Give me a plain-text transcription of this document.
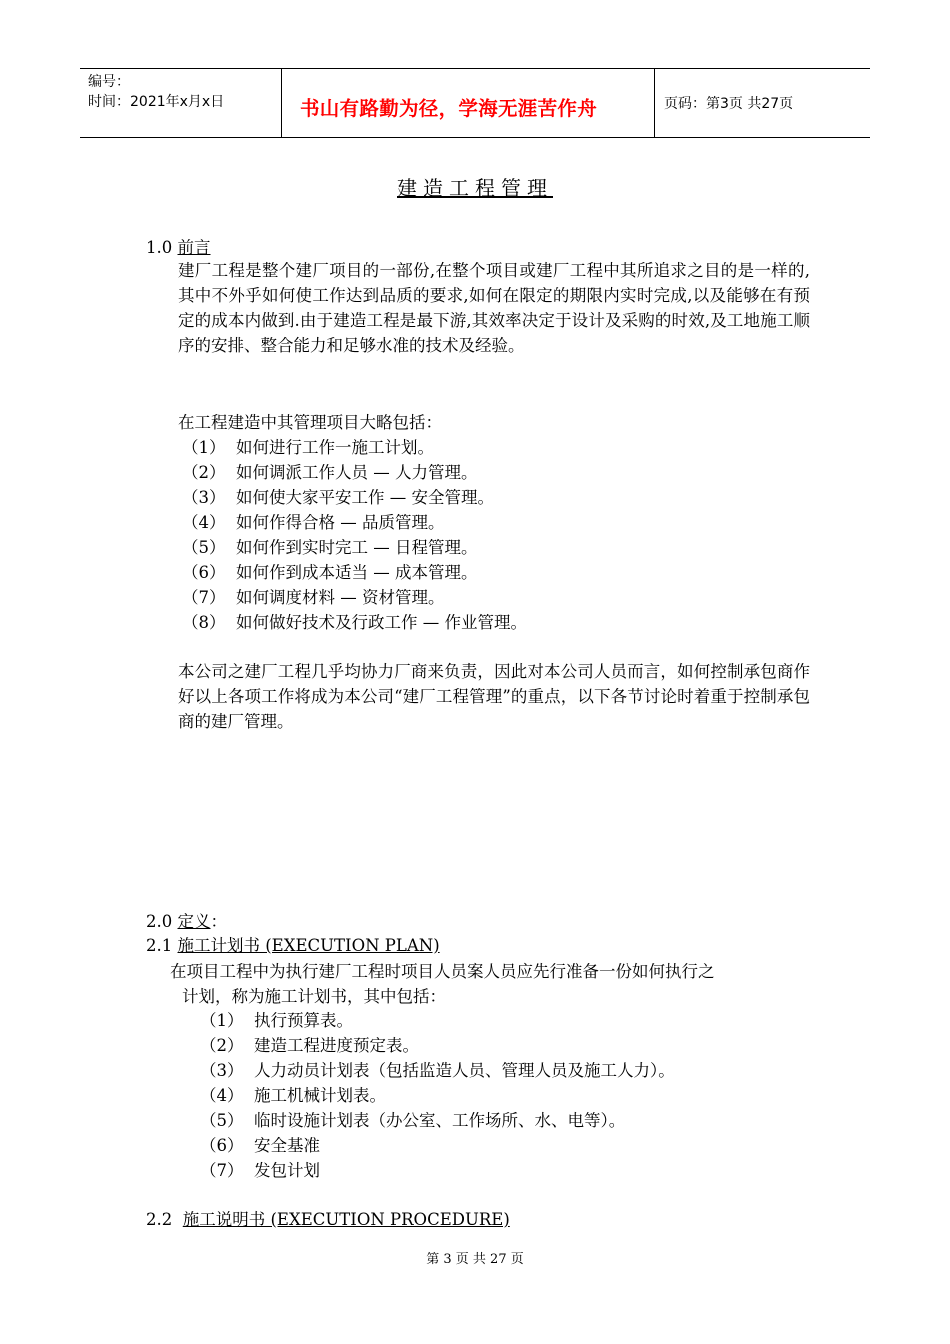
编号：
时间：2021年x月x日	书山有路勤为径，学海无涯苦作舟	页码：第3页 共27页
建造工程管理
1.0 前言
建厂工程是整个建厂项目的一部份,在整个项目或建厂工程中其所追求之目的是一样的,其中不外乎如何使工作达到品质的要求,如何在限定的期限内实时完成,以及能够在有预定的成本内做到.由于建造工程是最下游,其效率决定于设计及采购的时效,及工地施工顺序的安排、整合能力和足够水准的技术及经验。
在工程建造中其管理项目大略包括：
（1） 如何进行工作一施工计划。
（2） 如何调派工作人员 — 人力管理。
（3） 如何使大家平安工作 — 安全管理。
（4） 如何作得合格 — 品质管理。
（5） 如何作到实时完工 — 日程管理。
（6） 如何作到成本适当 — 成本管理。
（7） 如何调度材料 — 资材管理。
（8） 如何做好技术及行政工作 — 作业管理。
本公司之建厂工程几乎均协力厂商来负责，因此对本公司人员而言，如何控制承包商作好以上各项工作将成为本公司“建厂工程管理”的重点，以下各节讨论时着重于控制承包商的建厂管理。
2.0 定义：
2.1 施工计划书 (EXECUTION PLAN)
在项目工程中为执行建厂工程时项目人员案人员应先行准备一份如何执行之
计划，称为施工计划书，其中包括：
（1） 执行预算表。
（2） 建造工程进度预定表。
（3） 人力动员计划表（包括监造人员、管理人员及施工人力）。
（4） 施工机械计划表。
（5） 临时设施计划表（办公室、工作场所、水、电等）。
（6） 安全基准
（7） 发包计划
2.2 施工说明书 (EXECUTION PROCEDURE)
第 3 页 共 27 页
